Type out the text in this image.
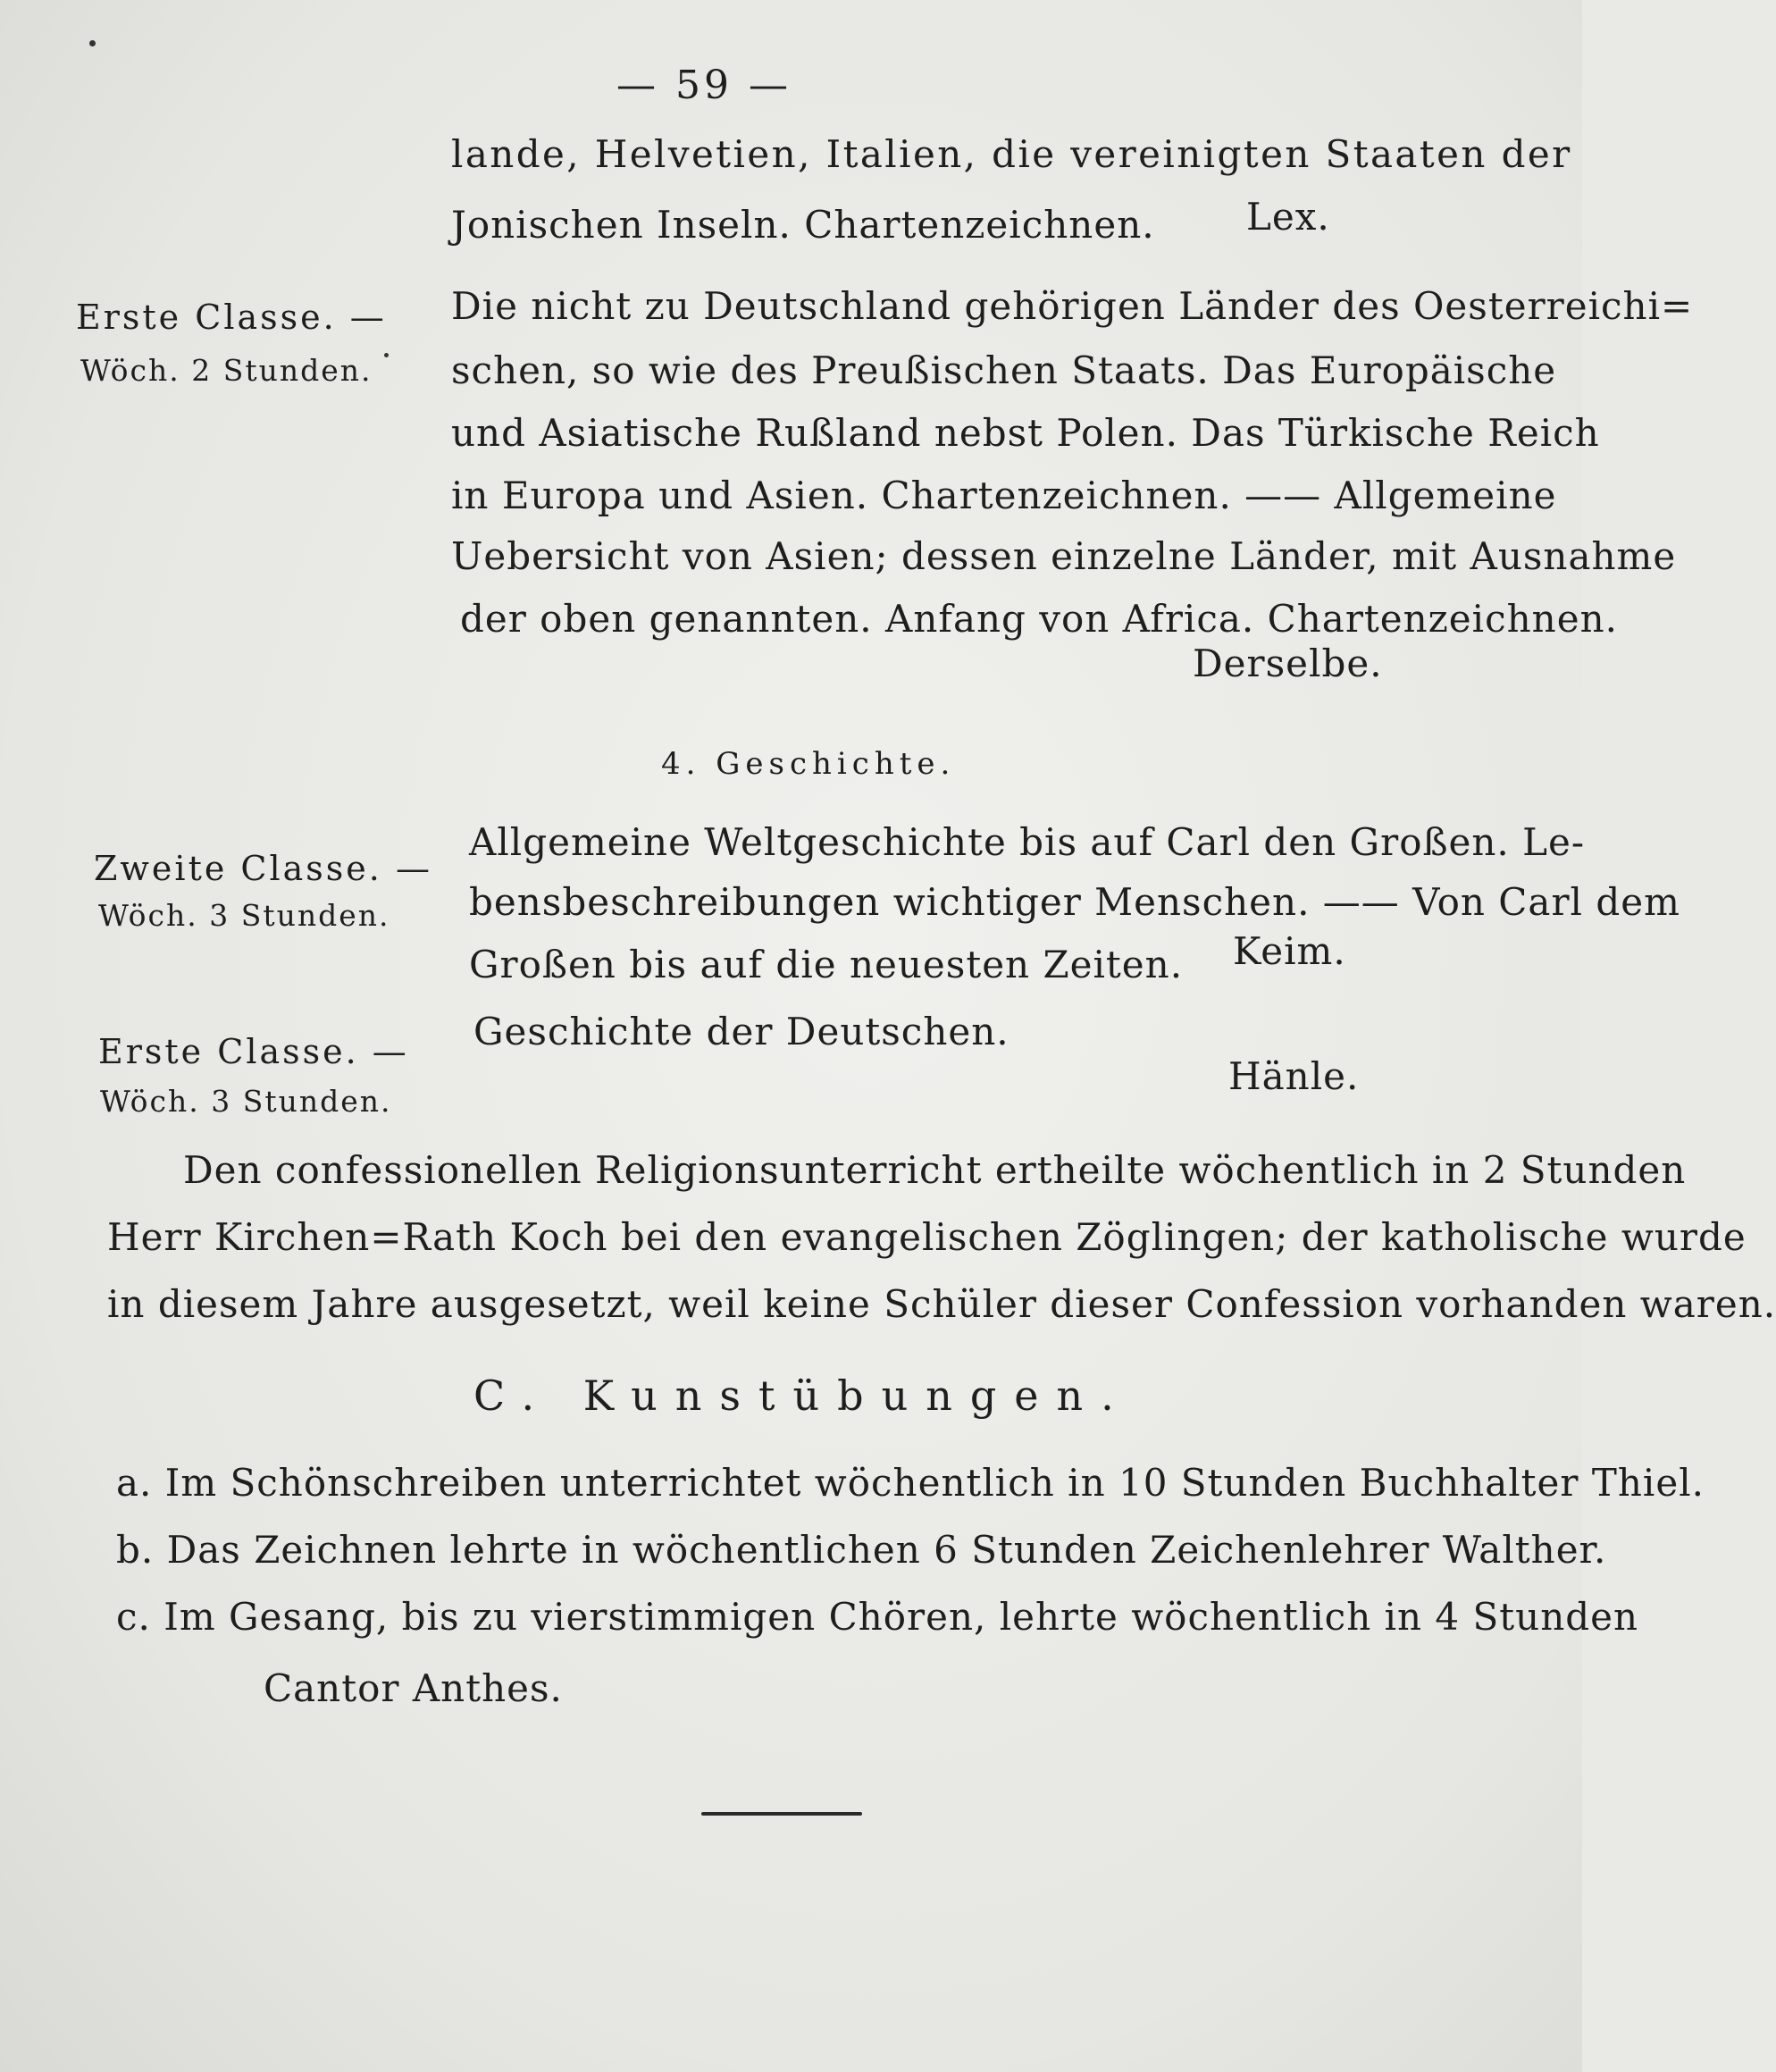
— 59 —
lande, Helvetien, Italien, die vereinigten Staaten der
Jonischen Inseln. Chartenzeichnen. Lex.
Erste Classe. —
Wöch. 2 Stunden.
Die nicht zu Deutschland gehörigen Länder des Oesterreichi=
schen, so wie des Preußischen Staats. Das Europäische
und Asiatische Rußland nebst Polen. Das Türkische Reich
in Europa und Asien. Chartenzeichnen. —— Allgemeine
Uebersicht von Asien; dessen einzelne Länder, mit Ausnahme
der oben genannten. Anfang von Africa. Chartenzeichnen.
Derselbe.
4. Geschichte.
Zweite Classe. —
Wöch. 3 Stunden.
Allgemeine Weltgeschichte bis auf Carl den Großen. Le-
bensbeschreibungen wichtiger Menschen. —— Von Carl dem
Großen bis auf die neuesten Zeiten. Keim.
Erste Classe. —
Wöch. 3 Stunden.
Geschichte der Deutschen.
Hänle.
Den confessionellen Religionsunterricht ertheilte wöchentlich in 2 Stunden
Herr Kirchen=Rath Koch bei den evangelischen Zöglingen; der katholische wurde
in diesem Jahre ausgesetzt, weil keine Schüler dieser Confession vorhanden waren.
C. Kunstübungen.
a. Im Schönschreiben unterrichtet wöchentlich in 10 Stunden Buchhalter Thiel.
b. Das Zeichnen lehrte in wöchentlichen 6 Stunden Zeichenlehrer Walther.
c. Im Gesang, bis zu vierstimmigen Chören, lehrte wöchentlich in 4 Stunden
Cantor Anthes.
